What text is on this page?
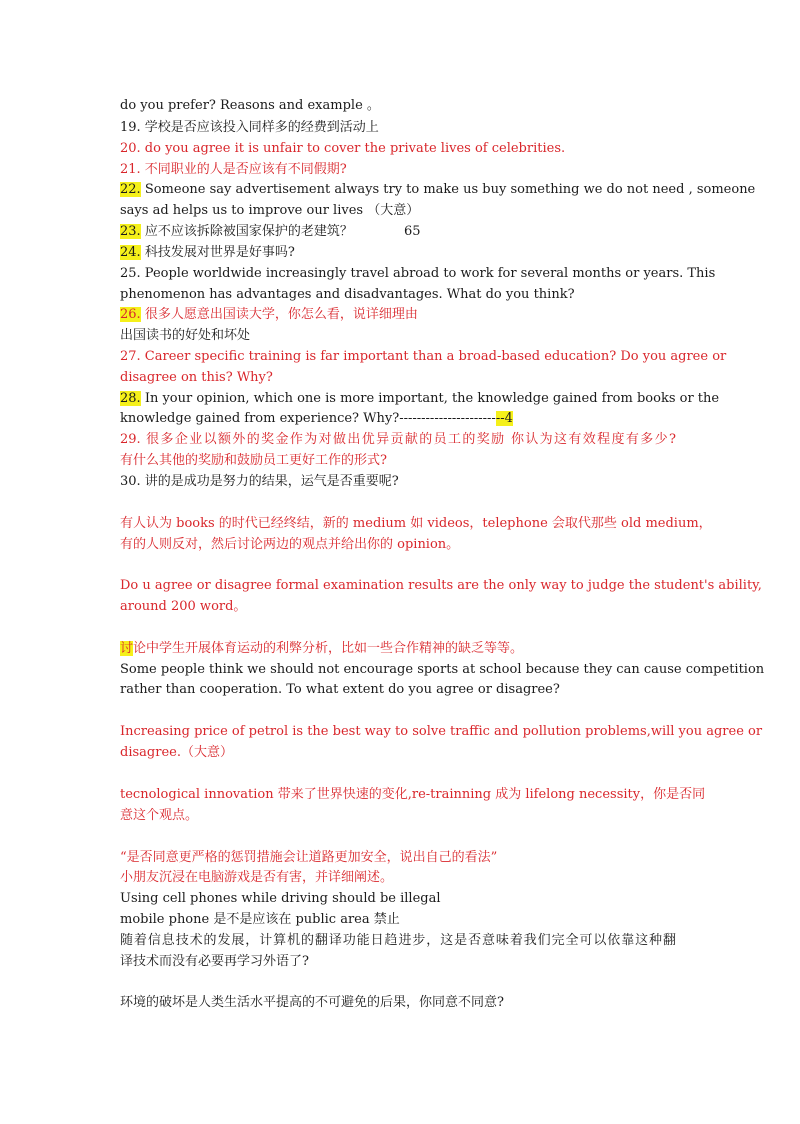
do you prefer? Reasons and example 。
19. 学校是否应该投入同样多的经费到活动上
20. do you agree it is unfair to cover the private lives of celebrities.
21. 不同职业的人是否应该有不同假期?
22. Someone say advertisement always try to make us buy something we do not need , someone
says ad helps us to improve our lives （大意）
23. 应不应该拆除被国家保护的老建筑？	65
24. 科技发展对世界是好事吗?
25. People worldwide increasingly travel abroad to work for several months or years. This
phenomenon has advantages and disadvantages. What do you think?
26. 很多人愿意出国读大学，你怎么看，说详细理由
出国读书的好处和坏处
27. Career specific training is far important than a broad-based education? Do you agree or
disagree on this? Why?
28. In your opinion, which one is more important, the knowledge gained from books or the
knowledge gained from experience? Why?------------------------4
29. 很多企业以额外的奖金作为对做出优异贡献的员工的奖励 你认为这有效程度有多少?
有什么其他的奖励和鼓励员工更好工作的形式?
30. 讲的是成功是努力的结果，运气是否重要呢?
有人认为 books 的时代已经终结，新的 medium 如 videos，telephone 会取代那些 old medium，
有的人则反对，然后讨论两边的观点并给出你的 opinion。
Do u agree or disagree formal examination results are the only way to judge the student's ability,
around 200 word。
讨论中学生开展体育运动的利弊分析，比如一些合作精神的缺乏等等。
Some people think we should not encourage sports at school because they can cause competition
rather than cooperation. To what extent do you agree or disagree?
Increasing price of petrol is the best way to solve traffic and pollution problems,will you agree or
disagree.（大意）
tecnological innovation 带来了世界快速的变化,re-trainning 成为 lifelong necessity，你是否同
意这个观点。
“是否同意更严格的惩罚措施会让道路更加安全，说出自己的看法”
小朋友沉浸在电脑游戏是否有害，并详细阐述。
Using cell phones while driving should be illegal
mobile phone 是不是应该在 public area 禁止
随着信息技术的发展，计算机的翻译功能日趋进步，这是否意味着我们完全可以依靠这种翻
译技术而没有必要再学习外语了?
环境的破坏是人类生活水平提高的不可避免的后果，你同意不同意?
